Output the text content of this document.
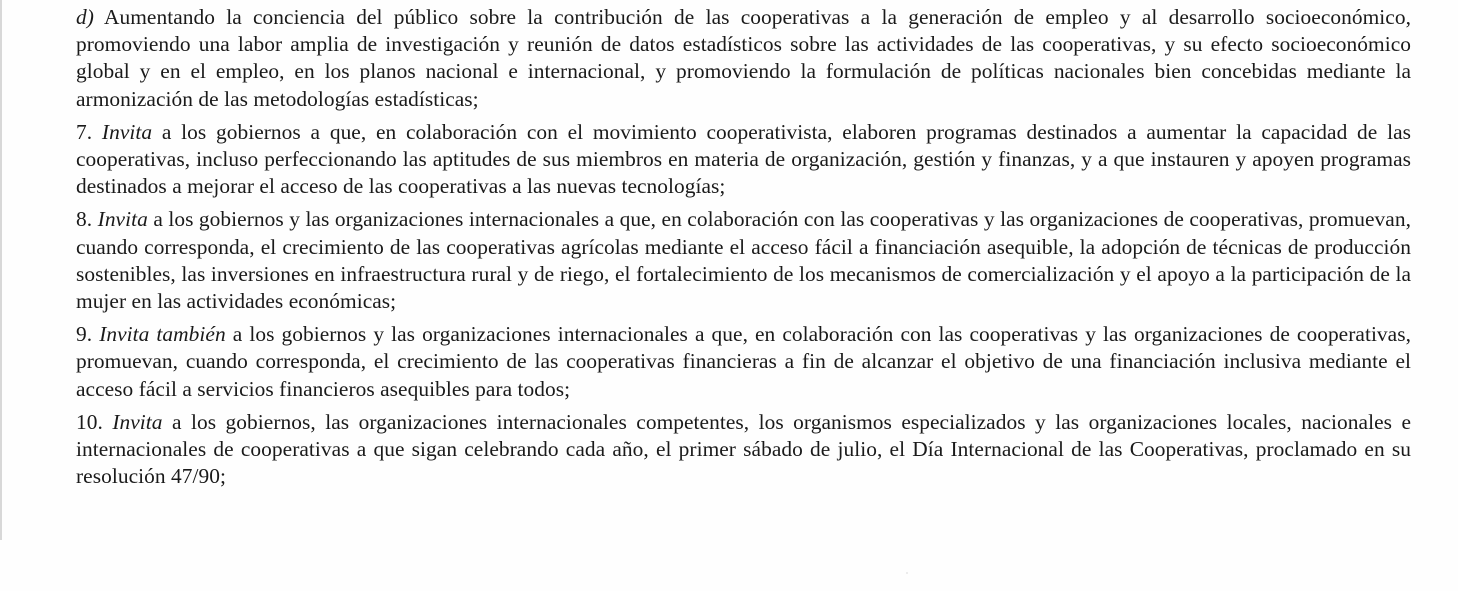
d) Aumentando la conciencia del público sobre la contribución de las cooperativas a la generación de empleo y al desarrollo socioeconómico, promoviendo una labor amplia de investigación y reunión de datos estadísticos sobre las actividades de las cooperativas, y su efecto socioeconómico global y en el empleo, en los planos nacional e internacional, y promoviendo la formulación de políticas nacionales bien concebidas mediante la armonización de las metodologías estadísticas;

7. Invita a los gobiernos a que, en colaboración con el movimiento cooperativista, elaboren programas destinados a aumentar la capacidad de las cooperativas, incluso perfeccionando las aptitudes de sus miembros en materia de organización, gestión y finanzas, y a que instauren y apoyen programas destinados a mejorar el acceso de las cooperativas a las nuevas tecnologías;

8. Invita a los gobiernos y las organizaciones internacionales a que, en colaboración con las cooperativas y las organizaciones de cooperativas, promuevan, cuando corresponda, el crecimiento de las cooperativas agrícolas mediante el acceso fácil a financiación asequible, la adopción de técnicas de producción sostenibles, las inversiones en infraestructura rural y de riego, el fortalecimiento de los mecanismos de comercialización y el apoyo a la participación de la mujer en las actividades económicas;

9. Invita también a los gobiernos y las organizaciones internacionales a que, en colaboración con las cooperativas y las organizaciones de cooperativas, promuevan, cuando corresponda, el crecimiento de las cooperativas financieras a fin de alcanzar el objetivo de una financiación inclusiva mediante el acceso fácil a servicios financieros asequibles para todos;

10. Invita a los gobiernos, las organizaciones internacionales competentes, los organismos especializados y las organizaciones locales, nacionales e internacionales de cooperativas a que sigan celebrando cada año, el primer sábado de julio, el Día Internacional de las Cooperativas, proclamado en su resolución 47/90;
